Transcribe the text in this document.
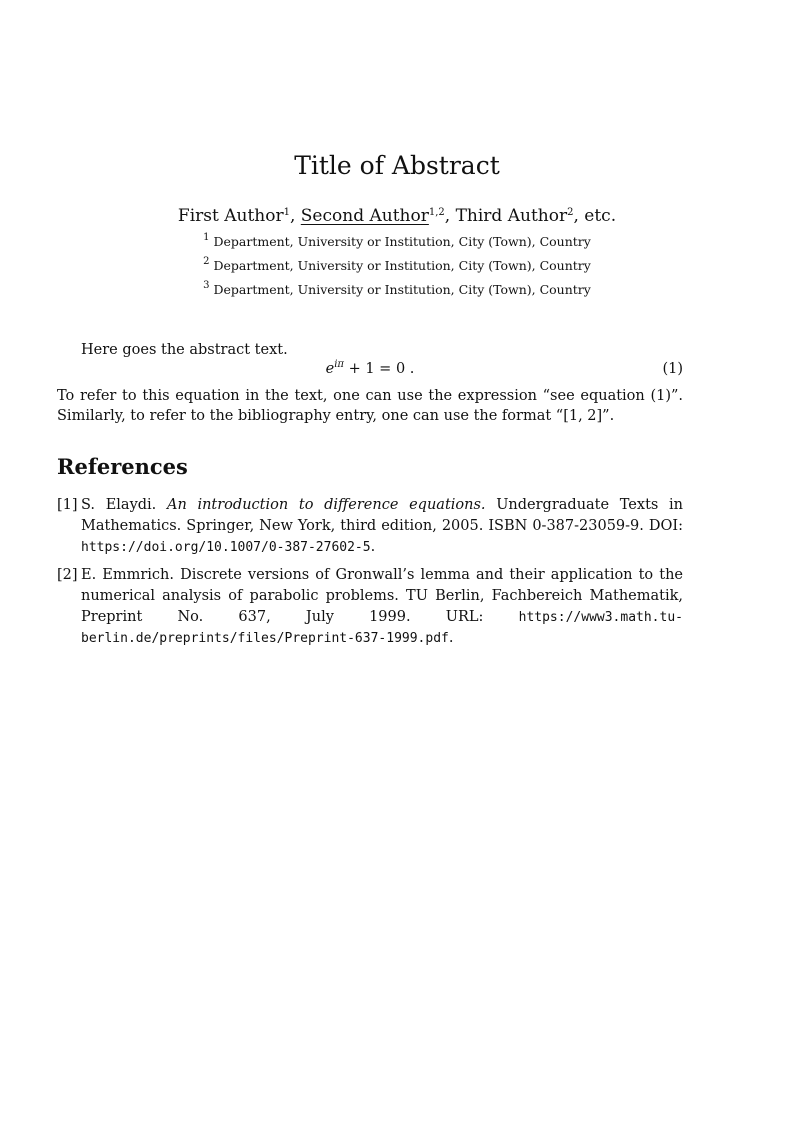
Title of Abstract
First Author$^1$, Second Author$^{1,2}$, Third Author$^2$, etc.
$^1$ Department, University or Institution, City (Town), Country
$^2$ Department, University or Institution, City (Town), Country
$^3$ Department, University or Institution, City (Town), Country
Here goes the abstract text.
$e^{i\pi} + 1 = 0$ .	(1)
To refer to this equation in the text, one can use the expression “see equation (1)”. Similarly, to refer to the bibliography entry, one can use the format “[1, 2]”.
References
[1] S. Elaydi. An introduction to difference equations. Undergraduate Texts in Mathematics. Springer, New York, third edition, 2005. ISBN 0-387-23059-9. DOI: https://doi.org/10.1007/0-387-27602-5.
[2] E. Emmrich. Discrete versions of Gronwall’s lemma and their application to the numerical analysis of parabolic problems. TU Berlin, Fachbereich Mathematik, Preprint No. 637, July 1999. URL: https://www3.math.tu-berlin.de/preprints/files/Preprint-637-1999.pdf.
